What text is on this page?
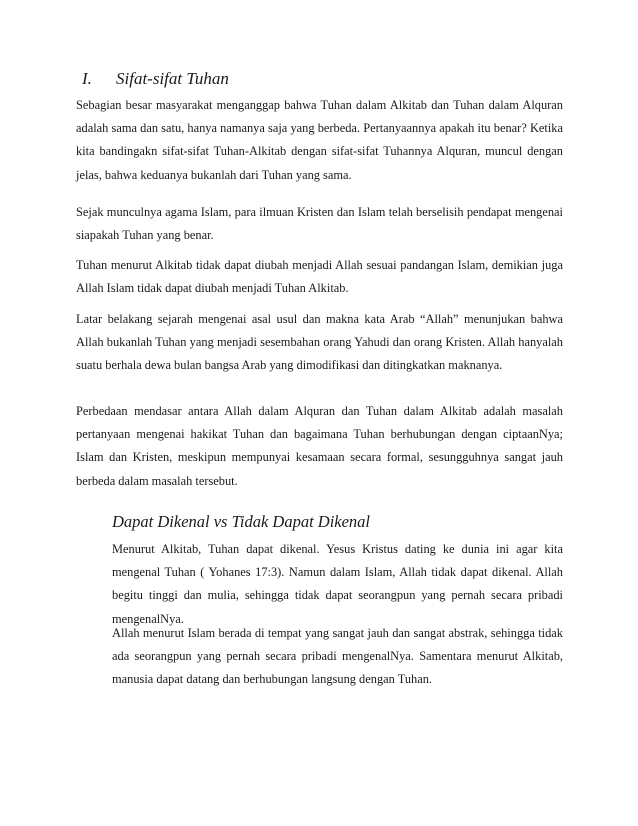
I. Sifat-sifat Tuhan

Sebagian besar masyarakat menganggap bahwa Tuhan dalam Alkitab dan Tuhan dalam Alquran adalah sama dan satu, hanya namanya saja yang berbeda. Pertanyaannya apakah itu benar? Ketika kita bandingakn sifat-sifat Tuhan-Alkitab dengan sifat-sifat Tuhannya Alquran, muncul dengan jelas, bahwa keduanya bukanlah dari Tuhan yang sama.

Sejak munculnya agama Islam, para ilmuan Kristen dan Islam telah berselisih pendapat mengenai siapakah Tuhan yang benar.

Tuhan menurut Alkitab tidak dapat diubah menjadi Allah sesuai pandangan Islam, demikian juga Allah Islam tidak dapat diubah menjadi Tuhan Alkitab.

Latar belakang sejarah mengenai asal usul dan makna kata Arab “Allah” menunjukan bahwa Allah bukanlah Tuhan yang menjadi sesembahan orang Yahudi dan orang Kristen. Allah hanyalah suatu berhala dewa bulan bangsa Arab yang dimodifikasi dan ditingkatkan maknanya.

Perbedaan mendasar antara Allah dalam Alquran dan Tuhan dalam Alkitab adalah masalah pertanyaan mengenai hakikat Tuhan dan bagaimana Tuhan berhubungan dengan ciptaanNya; Islam dan Kristen, meskipun mempunyai kesamaan secara formal, sesungguhnya sangat jauh berbeda dalam masalah tersebut.

Dapat Dikenal vs Tidak Dapat Dikenal

Menurut Alkitab, Tuhan dapat dikenal. Yesus Kristus dating ke dunia ini agar kita mengenal Tuhan ( Yohanes 17:3). Namun dalam Islam, Allah tidak dapat dikenal. Allah begitu tinggi dan mulia, sehingga tidak dapat seorangpun yang pernah secara pribadi mengenalNya.

Allah menurut Islam berada di tempat yang sangat jauh dan sangat abstrak, sehingga tidak ada seorangpun yang pernah secara pribadi mengenalNya. Samentara menurut Alkitab, manusia dapat datang dan berhubungan langsung dengan Tuhan.
